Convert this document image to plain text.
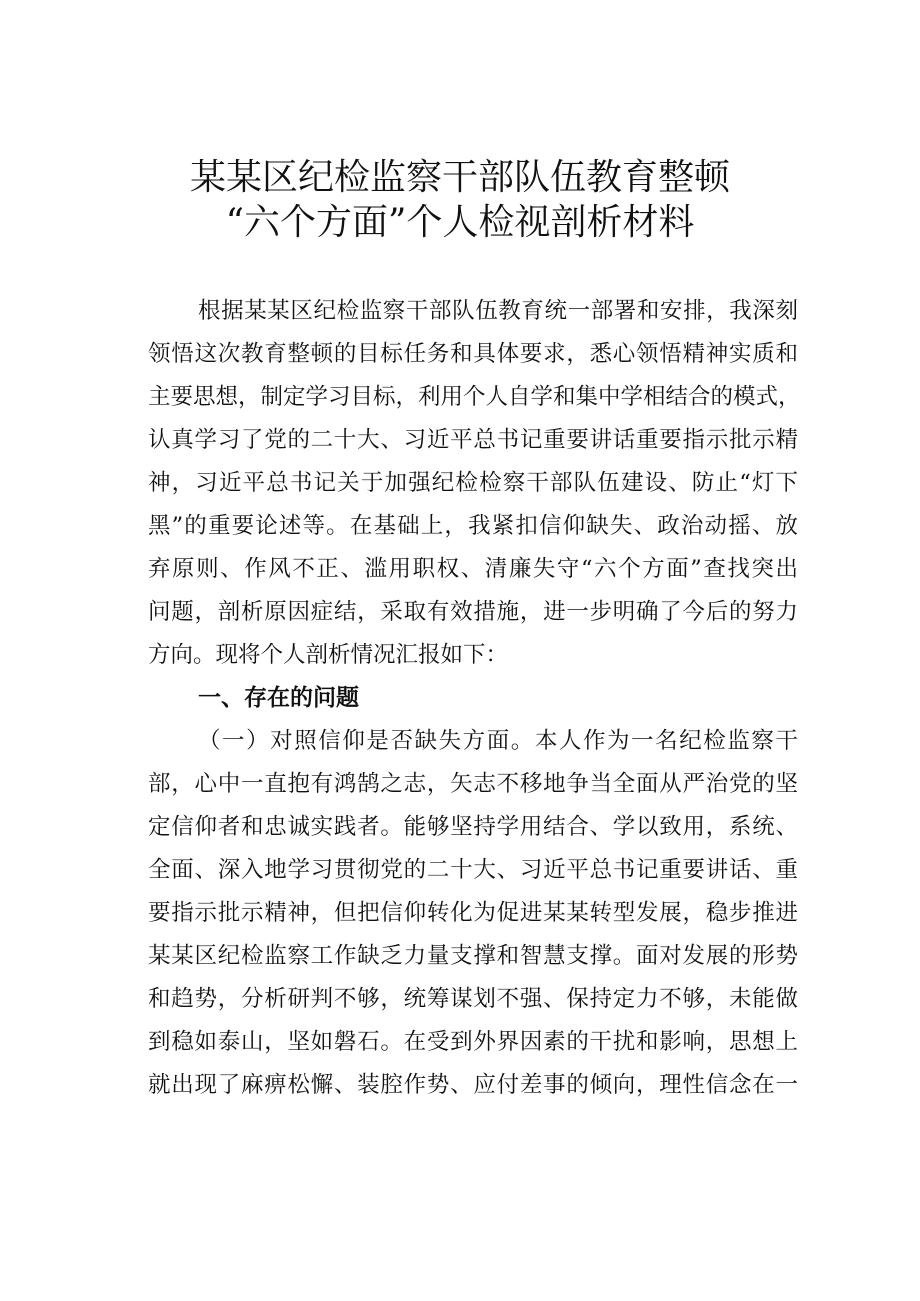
某某区纪检监察干部队伍教育整顿
“六个方面”个人检视剖析材料
根据某某区纪检监察干部队伍教育统一部署和安排，我深刻
领悟这次教育整顿的目标任务和具体要求，悉心领悟精神实质和
主要思想，制定学习目标，利用个人自学和集中学相结合的模式，
认真学习了党的二十大、习近平总书记重要讲话重要指示批示精
神，习近平总书记关于加强纪检检察干部队伍建设、防止“灯下
黑”的重要论述等。在基础上，我紧扣信仰缺失、政治动摇、放
弃原则、作风不正、滥用职权、清廉失守“六个方面”查找突出
问题，剖析原因症结，采取有效措施，进一步明确了今后的努力
方向。现将个人剖析情况汇报如下：
一、存在的问题
（一）对照信仰是否缺失方面。本人作为一名纪检监察干
部，心中一直抱有鸿鹄之志，矢志不移地争当全面从严治党的坚
定信仰者和忠诚实践者。能够坚持学用结合、学以致用，系统、
全面、深入地学习贯彻党的二十大、习近平总书记重要讲话、重
要指示批示精神，但把信仰转化为促进某某转型发展，稳步推进
某某区纪检监察工作缺乏力量支撑和智慧支撑。面对发展的形势
和趋势，分析研判不够，统筹谋划不强、保持定力不够，未能做
到稳如泰山，坚如磐石。在受到外界因素的干扰和影响，思想上
就出现了麻痹松懈、装腔作势、应付差事的倾向，理性信念在一
